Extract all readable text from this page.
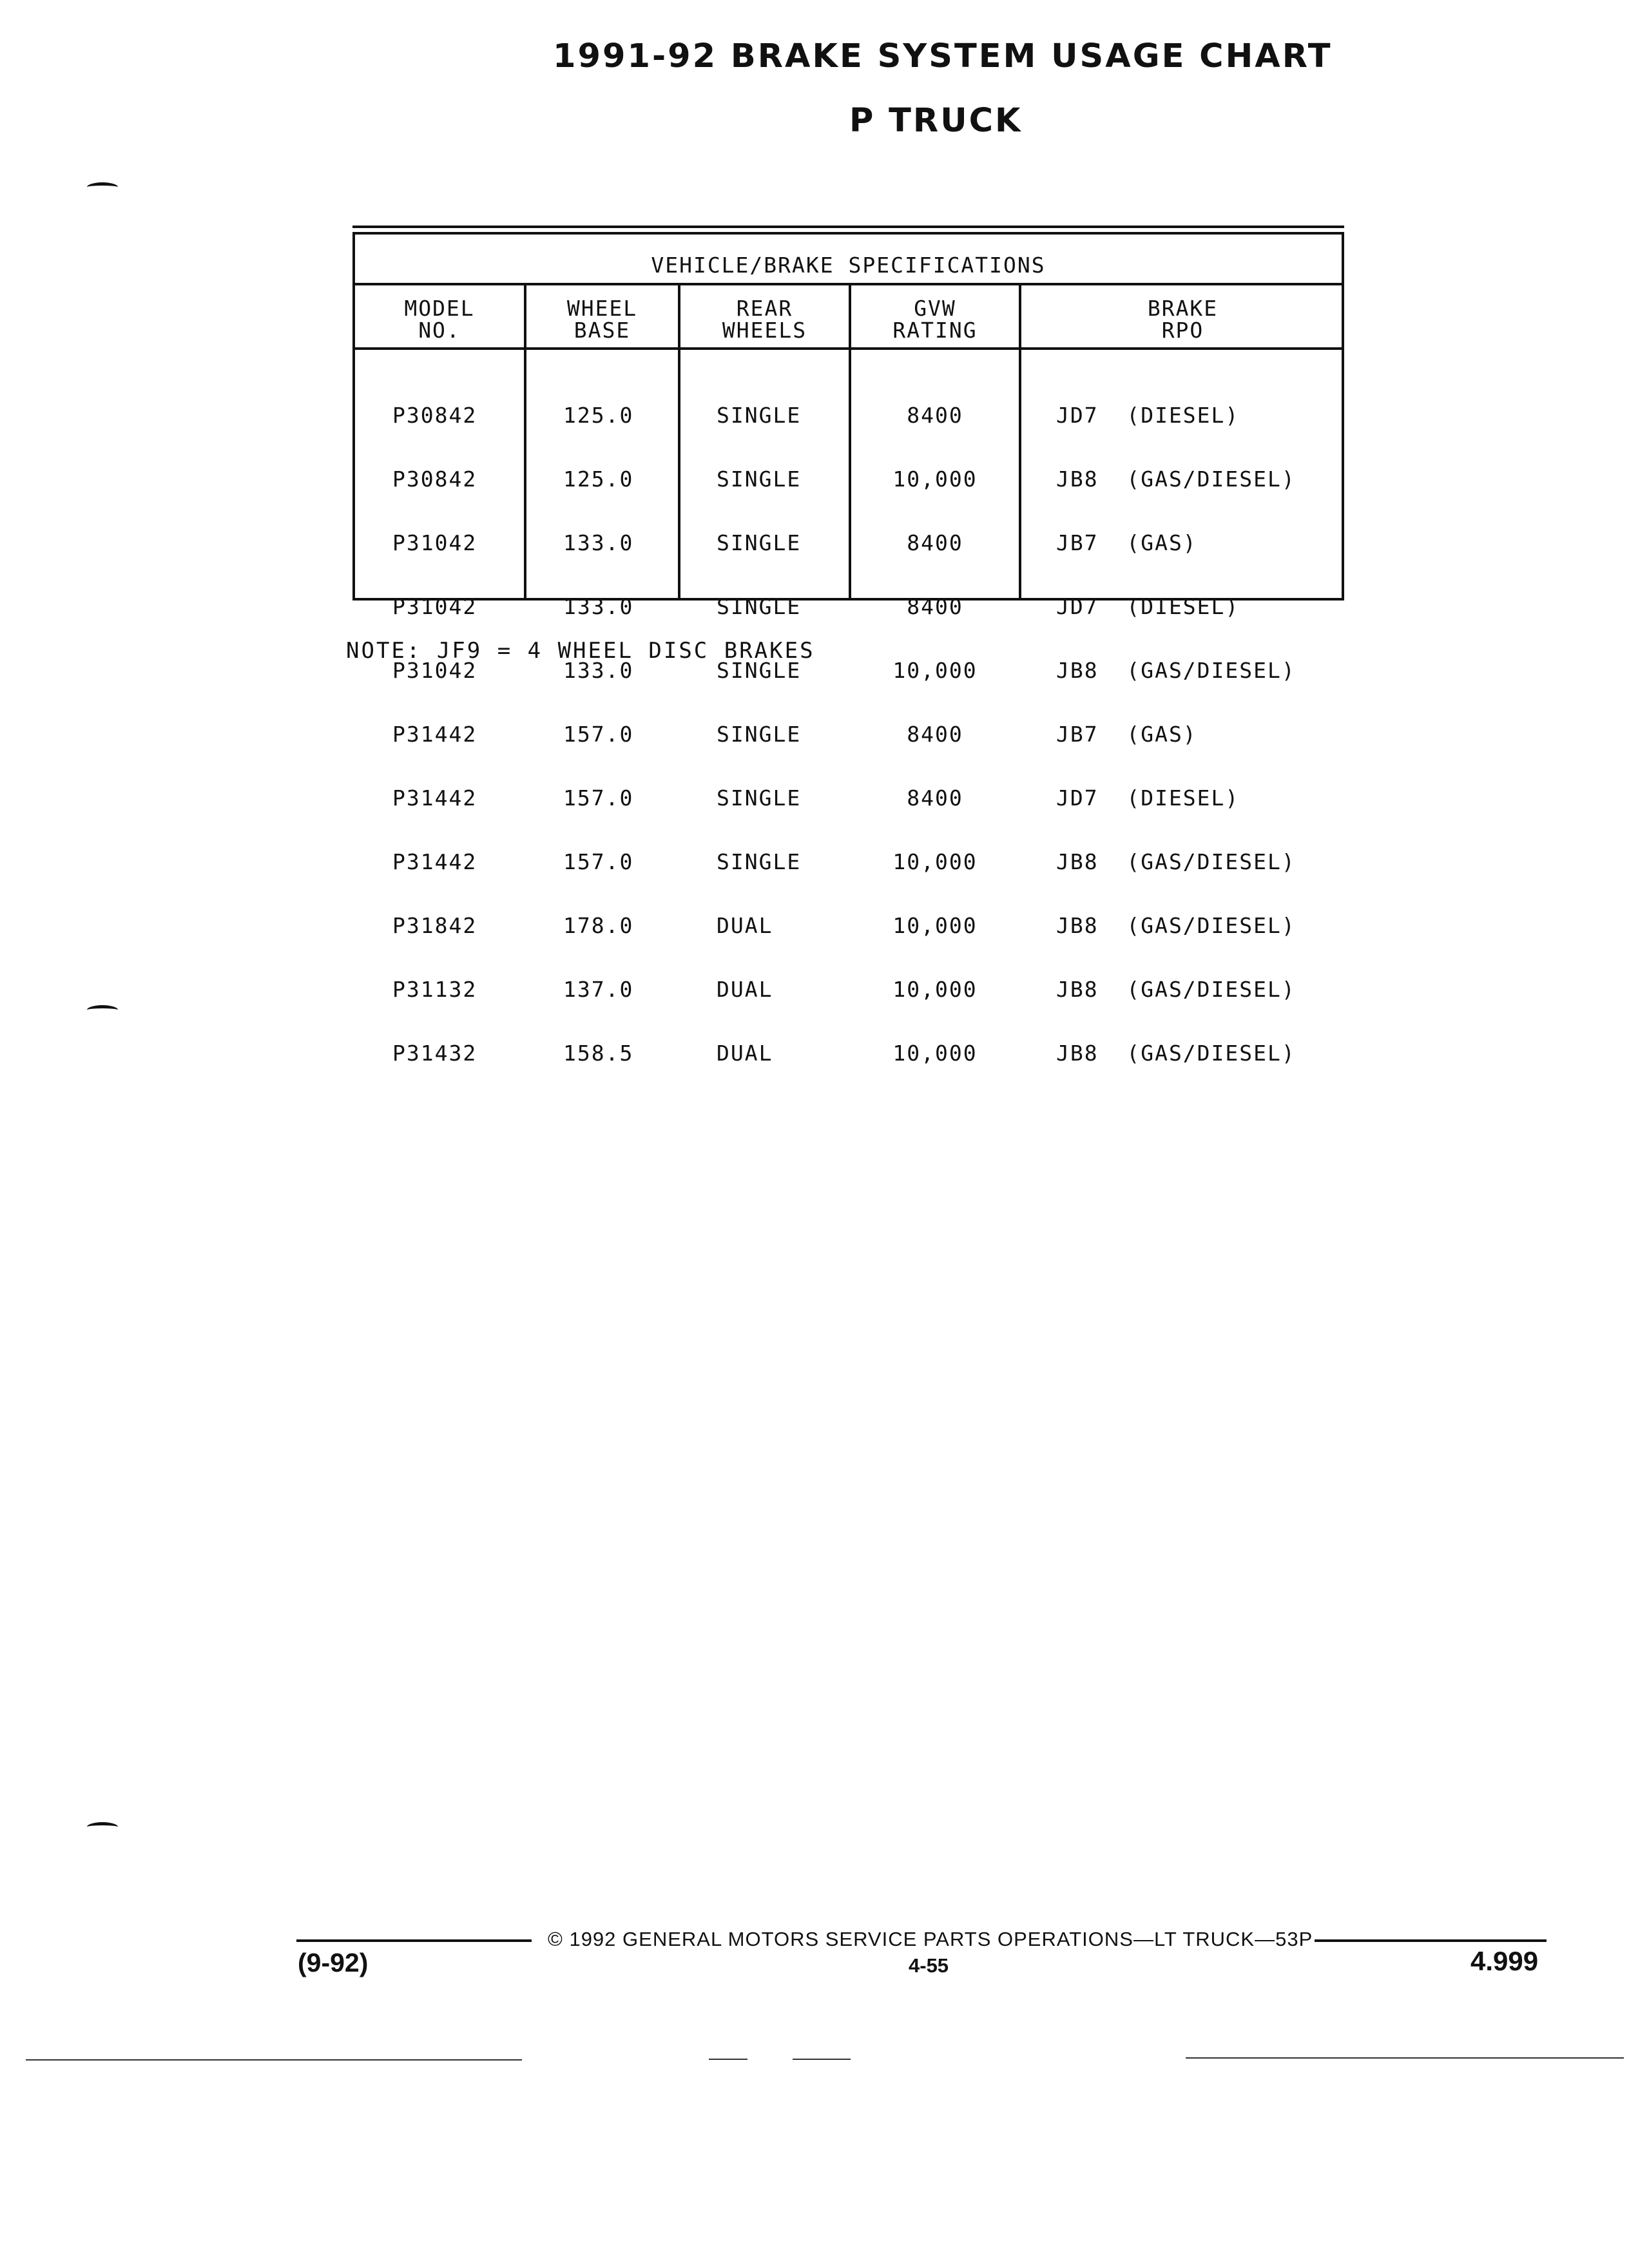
1991-92 BRAKE SYSTEM USAGE CHART
P TRUCK
VEHICLE/BRAKE SPECIFICATIONS
MODEL
NO.
WHEEL
BASE
REAR
WHEELS
GVW
RATING
BRAKE
RPO

P30842

P30842

P31042

P31042

P31042

P31442

P31442

P31442

P31842

P31132

P31432

125.0

125.0

133.0

133.0

133.0

157.0

157.0

157.0

178.0

137.0

158.5

SINGLE

SINGLE

SINGLE

SINGLE

SINGLE

SINGLE

SINGLE

SINGLE

DUAL

DUAL

DUAL

8400

10,000

8400

8400

10,000

8400

8400

10,000

10,000

10,000

10,000

JD7  (DIESEL)

JB8  (GAS/DIESEL)

JB7  (GAS)

JD7  (DIESEL)

JB8  (GAS/DIESEL)

JB7  (GAS)

JD7  (DIESEL)

JB8  (GAS/DIESEL)

JB8  (GAS/DIESEL)

JB8  (GAS/DIESEL)

JB8  (GAS/DIESEL)

NOTE: JF9 = 4 WHEEL DISC BRAKES
© 1992 GENERAL MOTORS SERVICE PARTS OPERATIONS—LT TRUCK—53P
4-55
(9-92)	4.999
